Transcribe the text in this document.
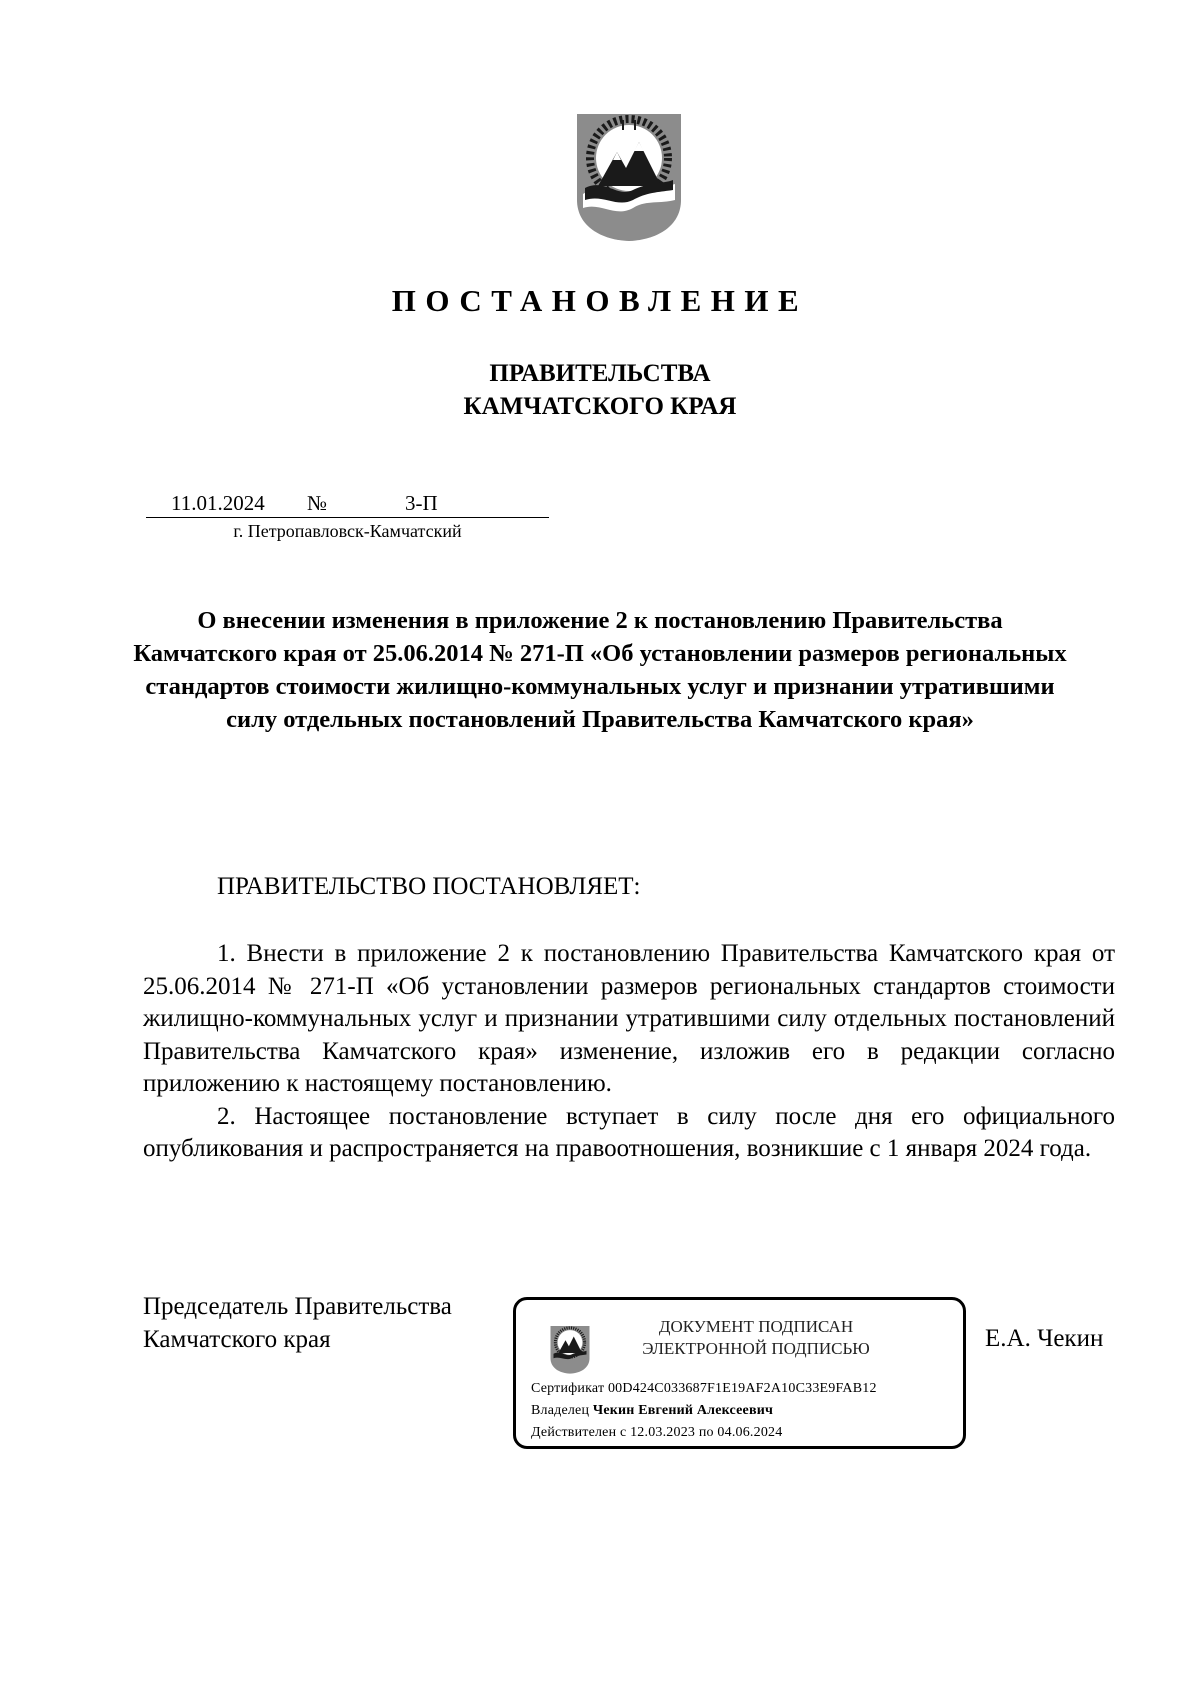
ПОСТАНОВЛЕНИЕ
ПРАВИТЕЛЬСТВА
КАМЧАТСКОГО КРАЯ
11.01.2024 №	3-П
г. Петропавловск-Камчатский
О внесении изменения в приложение 2 к постановлению Правительства Камчатского края от 25.06.2014 № 271-П «Об установлении размеров региональных стандартов стоимости жилищно-коммунальных услуг и признании утратившими силу отдельных постановлений Правительства Камчатского края»
ПРАВИТЕЛЬСТВО ПОСТАНОВЛЯЕТ:

1. Внести в приложение 2 к постановлению Правительства Камчатского края от 25.06.2014 № 271-П «Об установлении размеров региональных стандартов стоимости жилищно-коммунальных услуг и признании утратившими силу отдельных постановлений Правительства Камчатского края» изменение, изложив его в редакции согласно приложению к настоящему постановлению.

2. Настоящее постановление вступает в силу после дня его официального опубликования и распространяется на правоотношения, возникшие с 1 января 2024 года.

Председатель Правительства
Камчатского края	ДОКУМЕНТ ПОДПИСАН
ЭЛЕКТРОННОЙ ПОДПИСЬЮ
Сертификат 00D424C033687F1E19AF2A10C33E9FAB12
Владелец Чекин Евгений Алексеевич
Действителен с 12.03.2023 по 04.06.2024
Е.А. Чекин
